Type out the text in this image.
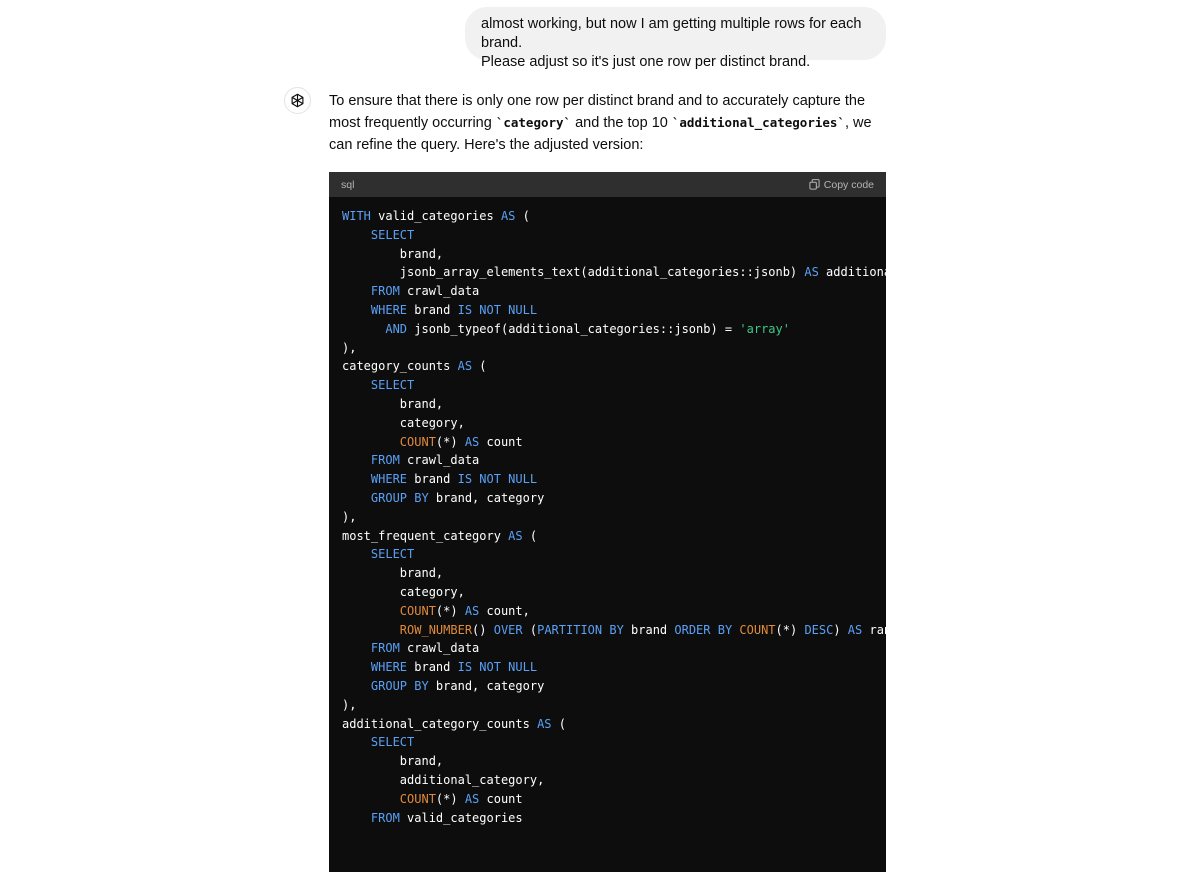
almost working, but now I am getting multiple rows for each brand.
Please adjust so it's just one row per distinct brand.
To ensure that there is only one row per distinct brand and to accurately capture the most frequently occurring `category` and the top 10 `additional_categories`, we can refine the query. Here's the adjusted version:
sql	Copy code
WITH valid_categories AS (
SELECT
brand,
jsonb_array_elements_text(additional_categories::jsonb) AS additional_category
FROM crawl_data
WHERE brand IS NOT NULL
AND jsonb_typeof(additional_categories::jsonb) = 'array'
),
category_counts AS (
SELECT
brand,
category,
COUNT(*) AS count
FROM crawl_data
WHERE brand IS NOT NULL
GROUP BY brand, category
),
most_frequent_category AS (
SELECT
brand,
category,
COUNT(*) AS count,
ROW_NUMBER() OVER (PARTITION BY brand ORDER BY COUNT(*) DESC) AS rank
FROM crawl_data
WHERE brand IS NOT NULL
GROUP BY brand, category
),
additional_category_counts AS (
SELECT
brand,
additional_category,
COUNT(*) AS count
FROM valid_categories
